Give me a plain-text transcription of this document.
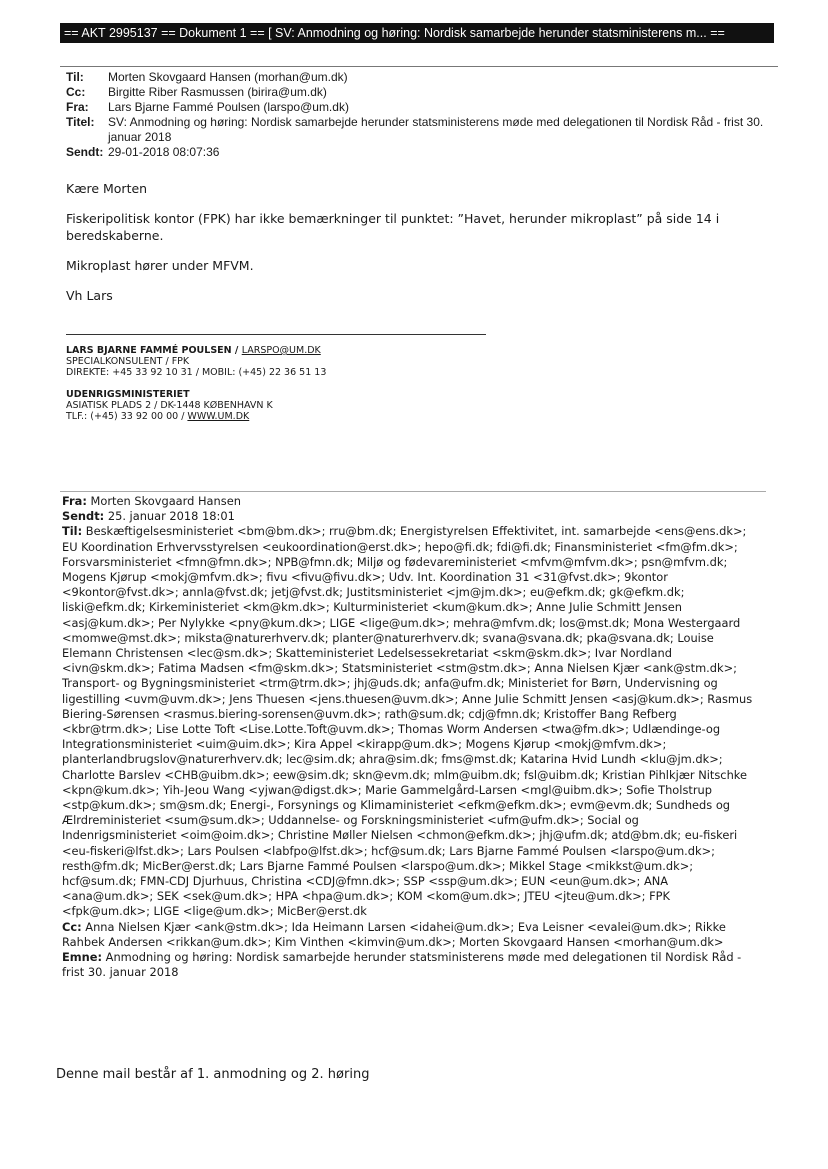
== AKT 2995137 == Dokument 1 == [ SV: Anmodning og høring: Nordisk samarbejde herunder statsministerens m... ==
Til:	Morten Skovgaard Hansen (morhan@um.dk)
Cc:	Birgitte Riber Rasmussen (birira@um.dk)
Fra:	Lars Bjarne Fammé Poulsen (larspo@um.dk)
Titel:	SV: Anmodning og høring: Nordisk samarbejde herunder statsministerens møde med delegationen til Nordisk Råd - frist 30. januar 2018
Sendt: 29-01-2018 08:07:36

Kære Morten

Fiskeripolitisk kontor (FPK) har ikke bemærkninger til punktet: ”Havet, herunder mikroplast” på side 14 i beredskaberne.

Mikroplast hører under MFVM.

Vh Lars

LARS BJARNE FAMMÉ POULSEN / LARSPO@UM.DK
SPECIALKONSULENT / FPK
DIREKTE: +45 33 92 10 31 / MOBIL: (+45) 22 36 51 13
UDENRIGSMINISTERIET
ASIATISK PLADS 2 / DK-1448 KØBENHAVN K
TLF.: (+45) 33 92 00 00 / WWW.UM.DK
Fra: Morten Skovgaard Hansen
Sendt: 25. januar 2018 18:01
Til: Beskæftigelsesministeriet <bm@bm.dk>; rru@bm.dk; Energistyrelsen Effektivitet, int. samarbejde <ens@ens.dk>; EU Koordination Erhvervsstyrelsen <eukoordination@erst.dk>; hepo@fi.dk; fdi@fi.dk; Finansministeriet <fm@fm.dk>; Forsvarsministeriet <fmn@fmn.dk>; NPB@fmn.dk; Miljø og fødevareministeriet <mfvm@mfvm.dk>; psn@mfvm.dk; Mogens Kjørup <mokj@mfvm.dk>; fivu <fivu@fivu.dk>; Udv. Int. Koordination 31 <31@fvst.dk>; 9kontor <9kontor@fvst.dk>; annla@fvst.dk; jetj@fvst.dk; Justitsministeriet <jm@jm.dk>; eu@efkm.dk; gk@efkm.dk; liski@efkm.dk; Kirkeministeriet <km@km.dk>; Kulturministeriet <kum@kum.dk>; Anne Julie Schmitt Jensen <asj@kum.dk>; Per Nylykke <pny@kum.dk>; LIGE <lige@um.dk>; mehra@mfvm.dk; los@mst.dk; Mona Westergaard <momwe@mst.dk>; miksta@naturerhverv.dk; planter@naturerhverv.dk; svana@svana.dk; pka@svana.dk; Louise Elemann Christensen <lec@sm.dk>; Skatteministeriet Ledelsessekretariat <skm@skm.dk>; Ivar Nordland <ivn@skm.dk>; Fatima Madsen <fm@skm.dk>; Statsministeriet <stm@stm.dk>; Anna Nielsen Kjær <ank@stm.dk>; Transport- og Bygningsministeriet <trm@trm.dk>; jhj@uds.dk; anfa@ufm.dk; Ministeriet for Børn, Undervisning og ligestilling <uvm@uvm.dk>; Jens Thuesen <jens.thuesen@uvm.dk>; Anne Julie Schmitt Jensen <asj@kum.dk>; Rasmus Biering-Sørensen <rasmus.biering-sorensen@uvm.dk>; rath@sum.dk; cdj@fmn.dk; Kristoffer Bang Refberg <kbr@trm.dk>; Lise Lotte Toft <Lise.Lotte.Toft@uvm.dk>; Thomas Worm Andersen <twa@fm.dk>; Udlændinge-og Integrationsministeriet <uim@uim.dk>; Kira Appel <kirapp@um.dk>; Mogens Kjørup <mokj@mfvm.dk>; planterlandbrugslov@naturerhverv.dk; lec@sim.dk; ahra@sim.dk; fms@mst.dk; Katarina Hvid Lundh <klu@jm.dk>; Charlotte Barslev <CHB@uibm.dk>; eew@sim.dk; skn@evm.dk; mlm@uibm.dk; fsl@uibm.dk; Kristian Pihlkjær Nitschke <kpn@kum.dk>; Yih-Jeou Wang <yjwan@digst.dk>; Marie Gammelgård-Larsen <mgl@uibm.dk>; Sofie Tholstrup <stp@kum.dk>; sm@sm.dk; Energi-, Forsynings og Klimaministeriet <efkm@efkm.dk>; evm@evm.dk; Sundheds og Ælrdreministeriet <sum@sum.dk>; Uddannelse- og Forskningsministeriet <ufm@ufm.dk>; Social og Indenrigsministeriet <oim@oim.dk>; Christine Møller Nielsen <chmon@efkm.dk>; jhj@ufm.dk; atd@bm.dk; eu-fiskeri <eu-fiskeri@lfst.dk>; Lars Poulsen <labfpo@lfst.dk>; hcf@sum.dk; Lars Bjarne Fammé Poulsen <larspo@um.dk>; resth@fm.dk; MicBer@erst.dk; Lars Bjarne Fammé Poulsen <larspo@um.dk>; Mikkel Stage <mikkst@um.dk>; hcf@sum.dk; FMN-CDJ Djurhuus, Christina <CDJ@fmn.dk>; SSP <ssp@um.dk>; EUN <eun@um.dk>; ANA <ana@um.dk>; SEK <sek@um.dk>; HPA <hpa@um.dk>; KOM <kom@um.dk>; JTEU <jteu@um.dk>; FPK <fpk@um.dk>; LIGE <lige@um.dk>; MicBer@erst.dk
Cc: Anna Nielsen Kjær <ank@stm.dk>; Ida Heimann Larsen <idahei@um.dk>; Eva Leisner <evalei@um.dk>; Rikke Rahbek Andersen <rikkan@um.dk>; Kim Vinthen <kimvin@um.dk>; Morten Skovgaard Hansen <morhan@um.dk>
Emne: Anmodning og høring: Nordisk samarbejde herunder statsministerens møde med delegationen til Nordisk Råd - frist 30. januar 2018
Denne mail består af 1. anmodning og 2. høring
